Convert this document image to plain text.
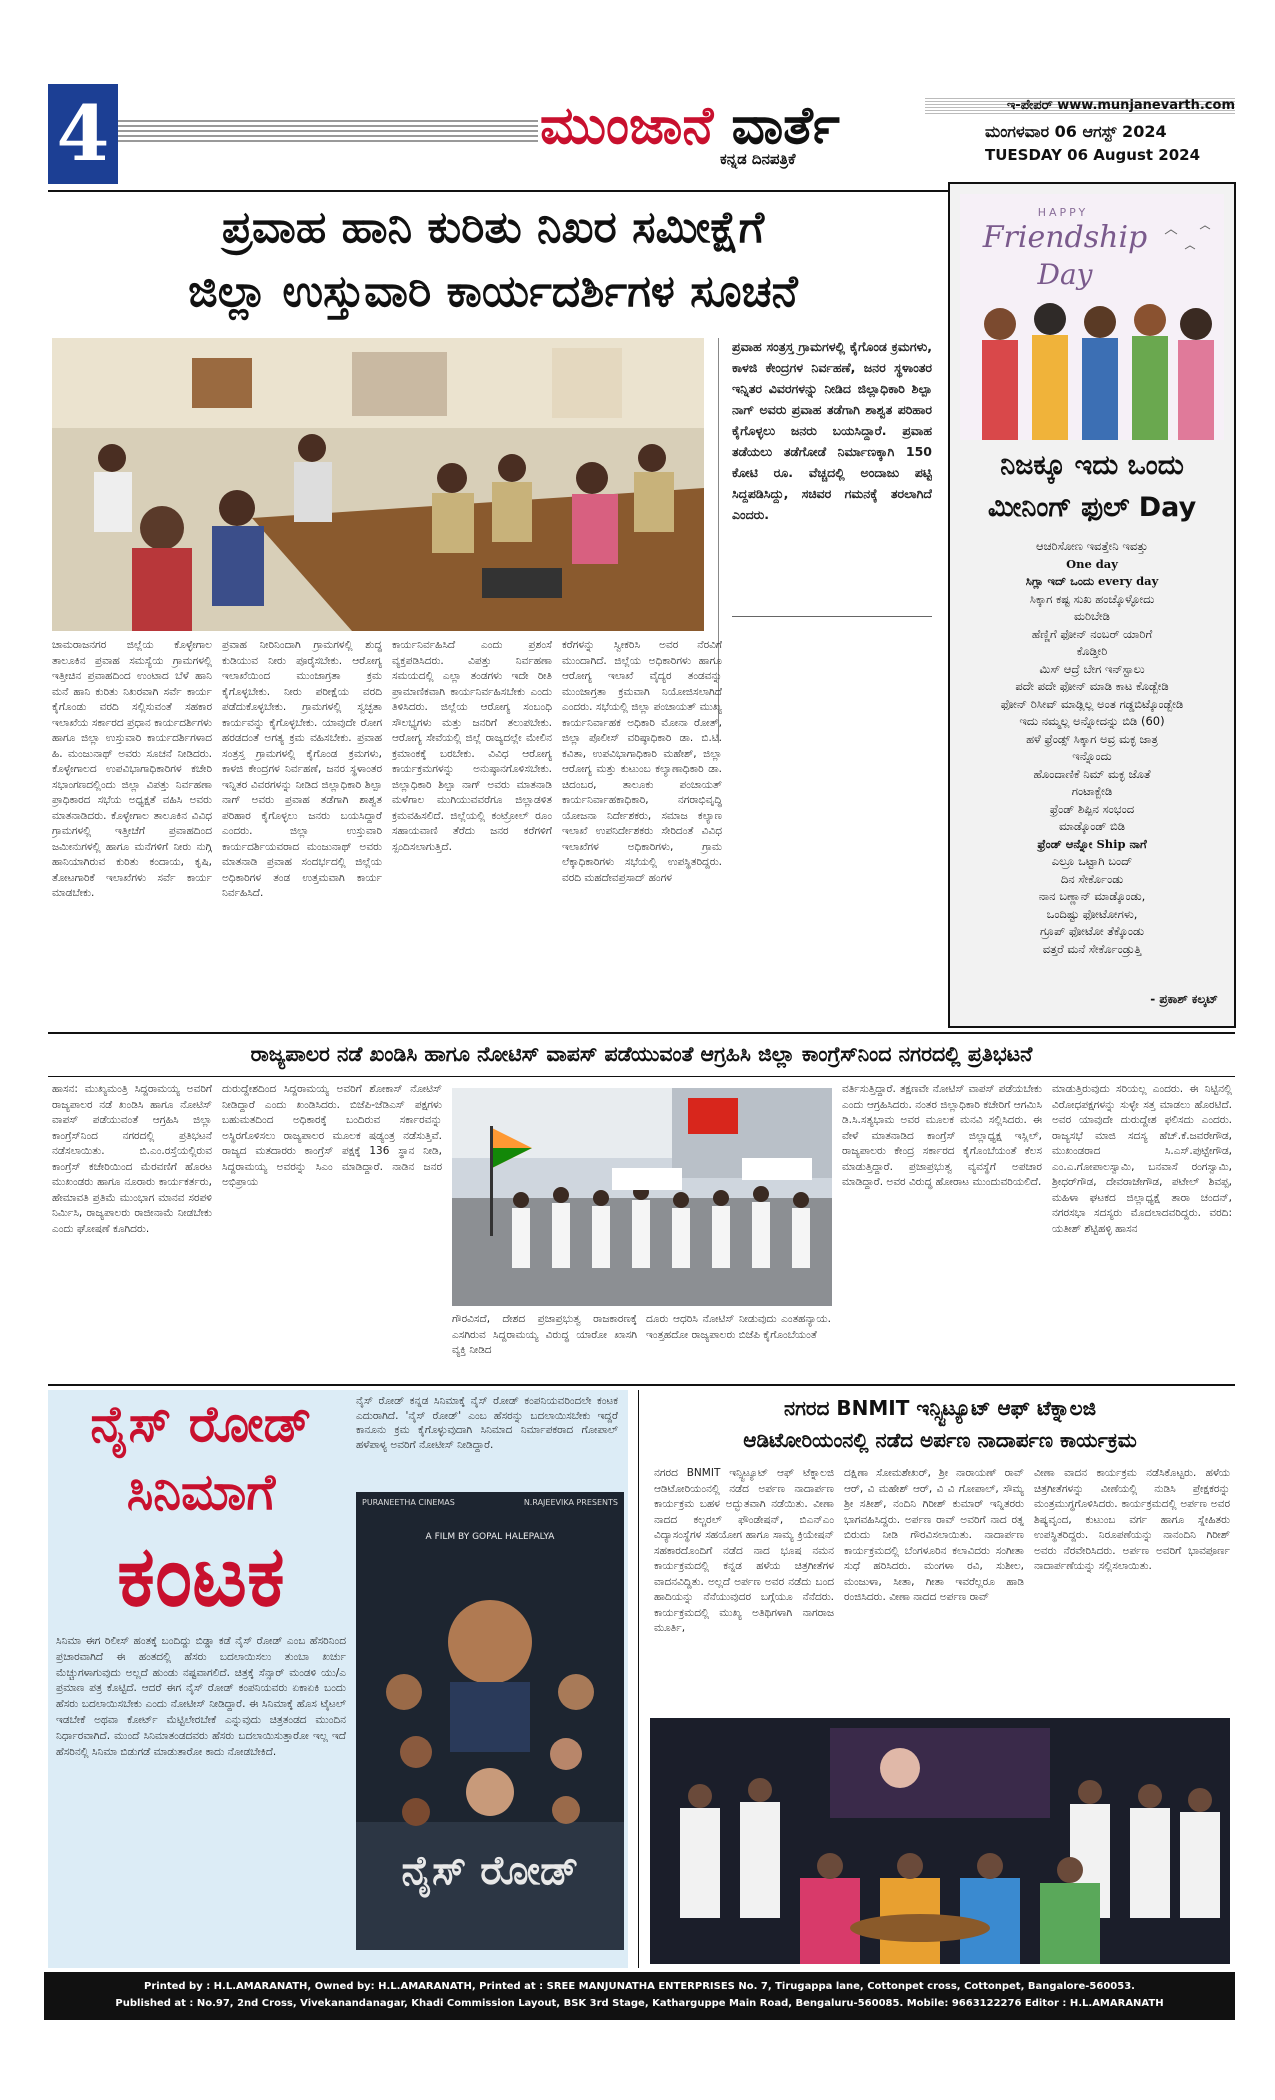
4	ಮುಂಜಾನೆ ವಾರ್ತೆ
ಕನ್ನಡ ದಿನಪತ್ರಿಕೆ
ಇ-ಪೇಪರ್ www.munjanevarth.com
ಮಂಗಳವಾರ 06 ಆಗಸ್ಟ್ 2024
TUESDAY 06 August 2024
ಪ್ರವಾಹ ಹಾನಿ ಕುರಿತು ನಿಖರ ಸಮೀಕ್ಷೆಗೆ
ಜಿಲ್ಲಾ ಉಸ್ತುವಾರಿ ಕಾರ್ಯದರ್ಶಿಗಳ ಸೂಚನೆ
ಪ್ರವಾಹ ಸಂತ್ರಸ್ತ ಗ್ರಾಮಗಳಲ್ಲಿ ಕೈಗೊಂಡ ಕ್ರಮಗಳು, ಕಾಳಜಿ ಕೇಂದ್ರಗಳ ನಿರ್ವಹಣೆ, ಜನರ ಸ್ಥಳಾಂತರ ಇನ್ನಿತರ ವಿವರಗಳನ್ನು ನೀಡಿದ ಜಿಲ್ಲಾಧಿಕಾರಿ ಶಿಲ್ಪಾ ನಾಗ್ ಅವರು ಪ್ರವಾಹ ತಡೆಗಾಗಿ ಶಾಶ್ವತ ಪರಿಹಾರ ಕೈಗೊಳ್ಳಲು ಜನರು ಬಯಸಿದ್ದಾರೆ. ಪ್ರವಾಹ ತಡೆಯಲು ತಡೆಗೋಡೆ ನಿರ್ಮಾಣಕ್ಕಾಗಿ 150 ಕೋಟಿ ರೂ. ವೆಚ್ಚದಲ್ಲಿ ಅಂದಾಜು ಪಟ್ಟಿ ಸಿದ್ದಪಡಿಸಿದ್ದು, ಸಚಿವರ ಗಮನಕ್ಕೆ ತರಲಾಗಿದೆ ಎಂದರು.
ಚಾಮರಾಜನಗರ ಜಿಲ್ಲೆಯ ಕೊಳ್ಳೇಗಾಲ ತಾಲೂಕಿನ ಪ್ರವಾಹ ಸಮಸ್ಯೆಯ ಗ್ರಾಮಗಳಲ್ಲಿ ಇತ್ತೀಚಿನ ಪ್ರವಾಹದಿಂದ ಉಂಟಾದ ಬೆಳೆ ಹಾನಿ ಮನೆ ಹಾನಿ ಕುರಿತು ನಿಖರವಾಗಿ ಸರ್ವೆ ಕಾರ್ಯ ಕೈಗೊಂಡು ವರದಿ ಸಲ್ಲಿಸುವಂತೆ ಸಹಕಾರ ಇಲಾಖೆಯ ಸರ್ಕಾರದ ಪ್ರಧಾನ ಕಾರ್ಯದರ್ಶಿಗಳು ಹಾಗೂ ಜಿಲ್ಲಾ ಉಸ್ತುವಾರಿ ಕಾರ್ಯದರ್ಶಿಗಳಾದ ಹಿ. ಮಂಜುನಾಥ್ ಅವರು ಸೂಚನೆ ನೀಡಿದರು. ಕೊಳ್ಳೇಗಾಲದ ಉಪವಿಭಾಗಾಧಿಕಾರಿಗಳ ಕಚೇರಿ ಸಭಾಂಗಣದಲ್ಲಿಂದು ಜಿಲ್ಲಾ ವಿಪತ್ತು ನಿರ್ವಹಣಾ ಪ್ರಾಧಿಕಾರದ ಸಭೆಯ ಅಧ್ಯಕ್ಷತೆ ವಹಿಸಿ ಅವರು ಮಾತನಾಡಿದರು. ಕೊಳ್ಳೇಗಾಲ ತಾಲೂಕಿನ ವಿವಿಧ ಗ್ರಾಮಗಳಲ್ಲಿ ಇತ್ತೀಚೆಗೆ ಪ್ರವಾಹದಿಂದ ಜಮೀನುಗಳಲ್ಲಿ ಹಾಗೂ ಮನೆಗಳಿಗೆ ನೀರು ನುಗ್ಗಿ ಹಾನಿಯಾಗಿರುವ ಕುರಿತು ಕಂದಾಯ, ಕೃಷಿ, ತೋಟಗಾರಿಕೆ ಇಲಾಖೆಗಳು ಸರ್ವೆ ಕಾರ್ಯ ಮಾಡಬೇಕು.
ಪ್ರವಾಹ ನೀರಿನಿಂದಾಗಿ ಗ್ರಾಮಗಳಲ್ಲಿ ಶುದ್ಧ ಕುಡಿಯುವ ನೀರು ಪೂರೈಸಬೇಕು. ಆರೋಗ್ಯ ಇಲಾಖೆಯಿಂದ ಮುಂಜಾಗ್ರತಾ ಕ್ರಮ ಕೈಗೊಳ್ಳಬೇಕು. ನೀರು ಪರೀಕ್ಷೆಯ ವರದಿ ಪಡೆದುಕೊಳ್ಳಬೇಕು. ಗ್ರಾಮಗಳಲ್ಲಿ ಸ್ವಚ್ಛತಾ ಕಾರ್ಯವನ್ನು ಕೈಗೊಳ್ಳಬೇಕು. ಯಾವುದೇ ರೋಗ ಹರಡದಂತೆ ಅಗತ್ಯ ಕ್ರಮ ವಹಿಸಬೇಕು. ಪ್ರವಾಹ ಸಂತ್ರಸ್ತ ಗ್ರಾಮಗಳಲ್ಲಿ ಕೈಗೊಂಡ ಕ್ರಮಗಳು, ಕಾಳಜಿ ಕೇಂದ್ರಗಳ ನಿರ್ವಹಣೆ, ಜನರ ಸ್ಥಳಾಂತರ ಇನ್ನಿತರ ವಿವರಗಳನ್ನು ನೀಡಿದ ಜಿಲ್ಲಾಧಿಕಾರಿ ಶಿಲ್ಪಾ ನಾಗ್ ಅವರು ಪ್ರವಾಹ ತಡೆಗಾಗಿ ಶಾಶ್ವತ ಪರಿಹಾರ ಕೈಗೊಳ್ಳಲು ಜನರು ಬಯಸಿದ್ದಾರೆ ಎಂದರು. ಜಿಲ್ಲಾ ಉಸ್ತುವಾರಿ ಕಾರ್ಯದರ್ಶಿಯವರಾದ ಮಂಜುನಾಥ್ ಅವರು ಮಾತನಾಡಿ ಪ್ರವಾಹ ಸಂದರ್ಭದಲ್ಲಿ ಜಿಲ್ಲೆಯ ಅಧಿಕಾರಿಗಳ ತಂಡ ಉತ್ತಮವಾಗಿ ಕಾರ್ಯ ನಿರ್ವಹಿಸಿದೆ.
ಕಾರ್ಯನಿರ್ವಹಿಸಿದೆ ಎಂದು ಪ್ರಶಂಸೆ ವ್ಯಕ್ತಪಡಿಸಿದರು. ವಿಪತ್ತು ನಿರ್ವಹಣಾ ಸಮಯದಲ್ಲಿ ಎಲ್ಲಾ ತಂಡಗಳು ಇದೇ ರೀತಿ ಪ್ರಾಮಾಣಿಕವಾಗಿ ಕಾರ್ಯನಿರ್ವಹಿಸಬೇಕು ಎಂದು ತಿಳಿಸಿದರು. ಜಿಲ್ಲೆಯ ಆರೋಗ್ಯ ಸಂಬಂಧಿ ಸೌಲಭ್ಯಗಳು ಮತ್ತು ಜನರಿಗೆ ತಲುಪಬೇಕು. ಆರೋಗ್ಯ ಸೇವೆಯಲ್ಲಿ ಜಿಲ್ಲೆ ರಾಜ್ಯದಲ್ಲೇ ಮೇಲಿನ ಕ್ರಮಾಂಕಕ್ಕೆ ಬರಬೇಕು. ವಿವಿಧ ಆರೋಗ್ಯ ಕಾರ್ಯಕ್ರಮಗಳನ್ನು ಅನುಷ್ಠಾನಗೊಳಿಸಬೇಕು. ಜಿಲ್ಲಾಧಿಕಾರಿ ಶಿಲ್ಪಾ ನಾಗ್ ಅವರು ಮಾತನಾಡಿ ಮಳೆಗಾಲ ಮುಗಿಯುವವರೆಗೂ ಜಿಲ್ಲಾಡಳಿತ ಕ್ರಮವಹಿಸಲಿದೆ. ಜಿಲ್ಲೆಯಲ್ಲಿ ಕಂಟ್ರೋಲ್ ರೂಂ ಸಹಾಯವಾಣಿ ತೆರೆದು ಜನರ ಕರೆಗಳಿಗೆ ಸ್ಪಂದಿಸಲಾಗುತ್ತಿದೆ.
ಕರೆಗಳನ್ನು ಸ್ವೀಕರಿಸಿ ಅವರ ನೆರವಿಗೆ ಮುಂದಾಗಿದೆ. ಜಿಲ್ಲೆಯ ಅಧಿಕಾರಿಗಳು ಹಾಗೂ ಆರೋಗ್ಯ ಇಲಾಖೆ ವೈದ್ಯರ ತಂಡವನ್ನು ಮುಂಜಾಗ್ರತಾ ಕ್ರಮವಾಗಿ ನಿಯೋಜಿಸಲಾಗಿದೆ ಎಂದರು. ಸಭೆಯಲ್ಲಿ ಜಿಲ್ಲಾ ಪಂಚಾಯತ್ ಮುಖ್ಯ ಕಾರ್ಯನಿರ್ವಾಹಕ ಅಧಿಕಾರಿ ಮೋನಾ ರೋತ್, ಜಿಲ್ಲಾ ಪೊಲೀಸ್ ವರಿಷ್ಠಾಧಿಕಾರಿ ಡಾ. ಬಿ.ಟಿ. ಕವಿತಾ, ಉಪವಿಭಾಗಾಧಿಕಾರಿ ಮಹೇಶ್, ಜಿಲ್ಲಾ ಆರೋಗ್ಯ ಮತ್ತು ಕುಟುಂಬ ಕಲ್ಯಾಣಾಧಿಕಾರಿ ಡಾ. ಚಿದಂಬರ, ತಾಲೂಕು ಪಂಚಾಯತ್ ಕಾರ್ಯನಿರ್ವಾಹಕಾಧಿಕಾರಿ, ನಗರಾಭಿವೃದ್ಧಿ ಯೋಜನಾ ನಿರ್ದೇಶಕರು, ಸಮಾಜ ಕಲ್ಯಾಣ ಇಲಾಖೆ ಉಪನಿರ್ದೇಶಕರು ಸೇರಿದಂತೆ ವಿವಿಧ ಇಲಾಖೆಗಳ ಅಧಿಕಾರಿಗಳು, ಗ್ರಾಮ ಲೆಕ್ಕಾಧಿಕಾರಿಗಳು ಸಭೆಯಲ್ಲಿ ಉಪಸ್ಥಿತರಿದ್ದರು. ವರದಿ ಮಹದೇವಪ್ರಸಾದ್ ಹಂಗಳ
HAPPY
Friendship
Day
ನಿಜಕ್ಕೂ ಇದು ಒಂದು
ಮೀನಿಂಗ್ ಫುಲ್ Day
ಆಚರಿಸೋಣ ಇವತ್ತೇನಿ ಇವತ್ತು
One day
ಸಿಗ್ಲಾ ಇದ್ ಒಂದು every day
ಸಿಕ್ಕಾಗ ಕಷ್ಟ ಸುಖ ಹಂಚ್ಕೊಳ್ಳೋದು
ಮರಿಬೇಡಿ
ಹೆಣ್ಣಿಗೆ ಫೋನ್ ನಂಬರ್ ಯಾರಿಗೆ
ಕೊಡ್ತೀರಿ
ಮಿಸ್ ಆದ್ರೆ ಬೇಗ ಇನ್‌ಸ್ಟಾಲು
ಪದೇ ಪದೇ ಫೋನ್ ಮಾಡಿ ಕಾಟ ಕೊಡ್ಬೇಡಿ
ಫೋನ್ ರಿಸೀವ್ ಮಾಡ್ಲಿಲ್ಲ ಅಂತ ಗಡ್ಡಬಿಟ್ಕೊಂಡ್ಬೇಡಿ
ಇದು ನಮ್ಮಲ್ಲ ಅನ್ನೋದನ್ನು ಬಿಡಿ (60)
ಹಳೆ ಫ್ರೆಂಡ್ಸ್ ಸಿಕ್ಕಾಗ ಅವ್ರ ಮಕ್ಳ ಜಾತ್ರ
ಇನ್ನೊಂದು
ಹೊಂದಾಣಿಕೆ ನಿಮ್ ಮಕ್ಳ ಜೊತೆ
ಗಂಟಾಕ್ಬೇಡಿ
ಫ್ರೆಂಡ್ ಶಿಪ್ಪಿನ ಸಂಭಂದ
ಮಾಡ್ಕೊಂಡ್ ಬಿಡಿ
ಫ್ರೆಂಡ್ ಆನ್ನೋ Ship ನಾಗೆ
ಎಲ್ರೂ ಒಟ್ಟಾಗಿ ಬಂದ್
ದಿನ ಸೇರ್ಕೊಂಡು
ನಾನ ಬಣ್ಣಾನ್ ಮಾಡ್ಕೊಂಡು,
ಒಂದಿಷ್ಟು ಫೋಟೋಗಳು,
ಗ್ರೂಪ್ ಫೋಟೋ ತೆಕ್ಕೊಂಡು
ವತ್ತರೆ ಮನೆ ಸೇರ್ಕೊಂಡ್ರುತ್ತಿ
- ಪ್ರಕಾಶ್ ಕಲ್ಕಟ್
ರಾಜ್ಯಪಾಲರ ನಡೆ ಖಂಡಿಸಿ ಹಾಗೂ ನೋಟಿಸ್ ವಾಪಸ್ ಪಡೆಯುವಂತೆ ಆಗ್ರಹಿಸಿ ಜಿಲ್ಲಾ ಕಾಂಗ್ರೆಸ್‌ನಿಂದ ನಗರದಲ್ಲಿ ಪ್ರತಿಭಟನೆ
ಹಾಸನ: ಮುಖ್ಯಮಂತ್ರಿ ಸಿದ್ದರಾಮಯ್ಯ ಅವರಿಗೆ ರಾಜ್ಯಪಾಲರ ನಡೆ ಖಂಡಿಸಿ ಹಾಗೂ ನೋಟಿಸ್ ವಾಪಸ್ ಪಡೆಯುವಂತೆ ಆಗ್ರಹಿಸಿ ಜಿಲ್ಲಾ ಕಾಂಗ್ರೆಸ್‌ನಿಂದ ನಗರದಲ್ಲಿ ಪ್ರತಿಭಟನೆ ನಡೆಸಲಾಯಿತು. ಬಿ.ಎಂ.ರಸ್ತೆಯಲ್ಲಿರುವ ಕಾಂಗ್ರೆಸ್ ಕಚೇರಿಯಿಂದ ಮೆರವಣಿಗೆ ಹೊರಟ ಮುಖಂಡರು ಹಾಗೂ ನೂರಾರು ಕಾರ್ಯಕರ್ತರು, ಹೇಮಾವತಿ ಪ್ರತಿಮೆ ಮುಂಭಾಗ ಮಾನವ ಸರಪಳಿ ನಿರ್ಮಿಸಿ, ರಾಜ್ಯಪಾಲರು ರಾಜೀನಾಮೆ ನೀಡಬೇಕು ಎಂದು ಘೋಷಣೆ ಕೂಗಿದರು.
ದುರುದ್ದೇಶದಿಂದ ಸಿದ್ದರಾಮಯ್ಯ ಅವರಿಗೆ ಶೋಕಾಸ್ ನೋಟಿಸ್ ನೀಡಿದ್ದಾರೆ ಎಂದು ಖಂಡಿಸಿದರು. ಬಿಜೆಪಿ-ಜೆಡಿಎಸ್ ಪಕ್ಷಗಳು ಬಹುಮತದಿಂದ ಅಧಿಕಾರಕ್ಕೆ ಬಂದಿರುವ ಸರ್ಕಾರವನ್ನು ಅಸ್ಥಿರಗೊಳಿಸಲು ರಾಜ್ಯಪಾಲರ ಮೂಲಕ ಷಡ್ಯಂತ್ರ ನಡೆಸುತ್ತಿವೆ. ರಾಜ್ಯದ ಮತದಾರರು ಕಾಂಗ್ರೆಸ್ ಪಕ್ಷಕ್ಕೆ 136 ಸ್ಥಾನ ನೀಡಿ, ಸಿದ್ದರಾಮಯ್ಯ ಅವರನ್ನು ಸಿಎಂ ಮಾಡಿದ್ದಾರೆ. ನಾಡಿನ ಜನರ ಅಭಿಪ್ರಾಯ
ಗೌರವಿಸದೆ, ದೇಶದ ಪ್ರಜಾಪ್ರಭುತ್ವ ರಾಜಕಾರಣಕ್ಕೆ ಎಸಗಿರುವ ಸಿದ್ದರಾಮಯ್ಯ ವಿರುದ್ಧ ಯಾರೋ ಖಾಸಗಿ ವ್ಯಕ್ತಿ ನೀಡಿದ
ದೂರು ಆಧರಿಸಿ ನೋಟಿಸ್ ನೀಡುವುದು ಎಂತಹನ್ಯಾಯ. ಇಂತ್ತಹದೋ ರಾಜ್ಯಪಾಲರು ಬಿಜೆಪಿ ಕೈಗೊಂಬೆಯಂತೆ
ವರ್ತಿಸುತ್ತಿದ್ದಾರೆ. ತಕ್ಷಣವೇ ನೋಟಿಸ್ ವಾಪಸ್ ಪಡೆಯಬೇಕು ಎಂದು ಆಗ್ರಹಿಸಿದರು. ನಂತರ ಜಿಲ್ಲಾಧಿಕಾರಿ ಕಚೇರಿಗೆ ಆಗಮಿಸಿ ಡಿ.ಸಿ.ಸತ್ಯಭಾಮ ಅವರ ಮೂಲಕ ಮನವಿ ಸಲ್ಲಿಸಿದರು. ಈ ವೇಳೆ ಮಾತನಾಡಿದ ಕಾಂಗ್ರೆಸ್ ಜಿಲ್ಲಾಧ್ಯಕ್ಷ ಇಸ್ಲಿಲ್, ರಾಜ್ಯಪಾಲರು ಕೇಂದ್ರ ಸರ್ಕಾರದ ಕೈಗೊಂಬೆಯಂತೆ ಕೆಲಸ ಮಾಡುತ್ತಿದ್ದಾರೆ. ಪ್ರಜಾಪ್ರಭುತ್ವ ವ್ಯವಸ್ಥೆಗೆ ಅಪಚಾರ ಮಾಡಿದ್ದಾರೆ. ಅವರ ವಿರುದ್ಧ ಹೋರಾಟ ಮುಂದುವರಿಯಲಿದೆ.
ಮಾಡುತ್ತಿರುವುದು ಸರಿಯಲ್ಲ ಎಂದರು. ಈ ನಿಟ್ಟಿನಲ್ಲಿ ವಿರೋಧಪಕ್ಷಗಳನ್ನು ಸುಳ್ಳೇ ಸತ್ತ ಮಾಡಲು ಹೊರಟಿದೆ. ಅವರ ಯಾವುದೇ ದುರುದ್ದೇಶ ಫಲಿಸದು ಎಂದರು. ರಾಜ್ಯಸಭೆ ಮಾಜಿ ಸದಸ್ಯ ಹೆಚ್.ಕೆ.ಜವರೇಗೌಡ, ಮುಖಂಡರಾದ ಸಿ.ಎಸ್.ಪುಟ್ಟೇಗೌಡ, ಎಂ.ಎ.ಗೋಪಾಲಸ್ವಾಮಿ, ಬನವಾಸೆ ರಂಗಸ್ವಾಮಿ, ಶ್ರೀಧರ್‌ಗೌಡ, ದೇವರಾಜೇಗೌಡ, ಪಟೇಲ್ ಶಿವಪ್ಪ, ಮಹಿಳಾ ಘಟಕದ ಜಿಲ್ಲಾಧ್ಯಕ್ಷೆ ತಾರಾ ಚಂದನ್, ನಗರಸಭಾ ಸದಸ್ಯರು ಮೊದಲಾದವರಿದ್ದರು. ವರದಿ: ಯತೀಶ್ ಶೆಟ್ಟಿಹಳ್ಳಿ ಹಾಸನ
ನೈಸ್ ರೋಡ್
ಸಿನಿಮಾಗೆ
ಕಂಟಕ
ನೈಸ್ ರೋಡ್ ಕನ್ನಡ ಸಿನಿಮಾಕ್ಕೆ ನೈಸ್ ರೋಡ್ ಕಂಪನಿಯವರಿಂದಲೇ ಕಂಟಕ ಎದುರಾಗಿದೆ. 'ನೈಸ್ ರೋಡ್' ಎಂಬ ಹೆಸರನ್ನು ಬದಲಾಯಿಸಬೇಕು ಇದ್ದರೆ ಕಾನೂನು ಕ್ರಮ ಕೈಗೊಳ್ಳುವುದಾಗಿ ಸಿನಿಮಾದ ನಿರ್ಮಾಪಕರಾದ ಗೋಪಾಲ್ ಹಳೆಪಾಳ್ಯ ಅವರಿಗೆ ನೋಟೀಸ್ ನೀಡಿದ್ದಾರೆ.
PURANEETHA CINEMAS	N.RAJEEVIKA PRESENTS
A FILM BY GOPAL HALEPALYA
ನೈಸ್ ರೋಡ್
ಸಿನಿಮಾ ಈಗ ರಿಲೀಸ್ ಹಂತಕ್ಕೆ ಬಂದಿದ್ದು ಬಿಡ್ಡಾ ಕಡೆ ನೈಸ್ ರೋಡ್ ಎಂಬ ಹೆಸರಿನಿಂದ ಪ್ರಚಾರವಾಗಿದೆ ಈ ಹಂತದಲ್ಲಿ ಹೆಸರು ಬದಲಾಯಿಸಲು ತುಂಬಾ ಖರ್ಚು ಮೆಚ್ಚುಗಳಾಗುವುದು ಅಲ್ಲದೆ ಹುಂಡು ನಷ್ಟವಾಗಲಿದೆ. ಚಿತ್ರಕ್ಕೆ ಸೆನ್ಸಾರ್ ಮಂಡಳಿ ಯು/ಎ ಪ್ರಮಾಣ ಪತ್ರ ಕೊಟ್ಟಿದೆ. ಆದರೆ ಈಗ ನೈಸ್ ರೋಡ್ ಕಂಪನಿಯವರು ಏಕಾಏಕಿ ಬಂದು ಹೆಸರು ಬದಲಾಯಿಸಬೇಕು ಎಂದು ನೋಟೀಸ್ ನೀಡಿದ್ದಾರೆ. ಈ ಸಿನಿಮಾಕ್ಕೆ ಹೊಸ ಟೈಟಲ್ ಇಡಬೇಕೆ ಅಥವಾ ಕೋರ್ಟ್ ಮೆಟ್ಟಿಲೇರಬೇಕೆ ಎನ್ನುವುದು ಚಿತ್ರತಂಡದ ಮುಂದಿನ ನಿರ್ಧಾರವಾಗಿದೆ. ಮುಂದೆ ಸಿನಿಮಾತಂಡದವರು ಹೆಸರು ಬದಲಾಯಿಸುತ್ತಾರೋ ಇಲ್ಲ ಇದೆ ಹೆಸರಿನಲ್ಲಿ ಸಿನಿಮಾ ಬಿಡುಗಡೆ ಮಾಡುತಾರೋ ಕಾದು ನೋಡಬೇಕಿದೆ.
ನಗರದ BNMIT ಇನ್ಸ್ಟಿಟ್ಯೂಟ್ ಆಫ್ ಟೆಕ್ನಾಲಜಿ
ಆಡಿಟೋರಿಯಂನಲ್ಲಿ ನಡೆದ ಅರ್ಪಣ ನಾದಾರ್ಪಣ ಕಾರ್ಯಕ್ರಮ
ನಗರದ BNMIT ಇನ್ಸ್ಟಿಟ್ಯೂಟ್ ಆಫ್ ಟೆಕ್ನಾಲಜಿ ಆಡಿಟೋರಿಯಂನಲ್ಲಿ ನಡೆದ ಅರ್ಪಣ ನಾದಾರ್ಪಣ ಕಾರ್ಯಕ್ರಮ ಬಹಳ ಅದ್ಭುತವಾಗಿ ನಡೆಯಿತು. ವೀಣಾ ನಾದದ ಕಲ್ಚರಲ್ ಫೌಂಡೇಷನ್, ಬಿಎನ್ಎಂ ವಿದ್ಯಾಸಂಸ್ಥೆಗಳ ಸಹಯೋಗ ಹಾಗೂ ಸಾಮ್ಯ ಕ್ರಿಯೇಷನ್ ಸಹಕಾರದೊಂದಿಗೆ ನಡೆದ ನಾದ ಭೂಷ ನಮನ ಕಾರ್ಯಕ್ರಮದಲ್ಲಿ ಕನ್ನಡ ಹಳೆಯ ಚಿತ್ರಗೀತೆಗಳ ವಾದನವಿದ್ದಿತು. ಅಲ್ಲದೆ ಅರ್ಪಣ ಅವರ ನಡೆದು ಬಂದ ಹಾದಿಯನ್ನು ನೆನೆಯುವುದರ ಬಗ್ಗೆಯೂ ನೆನೆದರು. ಕಾರ್ಯಕ್ರಮದಲ್ಲಿ ಮುಖ್ಯ ಅತಿಥಿಗಳಾಗಿ ನಾಗರಾಜ ಮೂರ್ತಿ,
ದಕ್ಷಿಣಾ ಸೋಮಶೇಖರ್, ಶ್ರೀ ನಾರಾಯಣ್ ರಾವ್ ಆರ್, ವಿ ಮಹೇಶ್ ಆರ್, ವಿ ವಿ ಗೋಪಾಲ್, ಸೌಮ್ಯ ಶ್ರೀ ಸತೀಶ್, ನಂದಿನಿ ಗಿರೀಶ್ ಕುಮಾರ್ ಇನ್ನಿತರರು ಭಾಗವಹಿಸಿದ್ದರು. ಅರ್ಪಣ ರಾವ್ ಅವರಿಗೆ ನಾದ ರತ್ನ ಬಿರುದು ನೀಡಿ ಗೌರವಿಸಲಾಯಿತು. ನಾದಾರ್ಪಣ ಕಾರ್ಯಕ್ರಮದಲ್ಲಿ ಬೆಂಗಳೂರಿನ ಕಲಾವಿದರು ಸಂಗೀತಾ ಸುಧೆ ಹರಿಸಿದರು. ಮಂಗಳಾ ರವಿ, ಸುಶೀಲ, ಮಂಜುಳಾ, ಸೀತಾ, ಗೀತಾ ಇವರೆಲ್ಲರೂ ಹಾಡಿ ರಂಜಿಸಿದರು. ವೀಣಾ ನಾದದ ಅರ್ಪಣ ರಾವ್
ವೀಣಾ ವಾದನ ಕಾರ್ಯಕ್ರಮ ನಡೆಸಿಕೊಟ್ಟರು. ಹಳೆಯ ಚಿತ್ರಗೀತೆಗಳನ್ನು ವೀಣೆಯಲ್ಲಿ ನುಡಿಸಿ ಪ್ರೇಕ್ಷಕರನ್ನು ಮಂತ್ರಮುಗ್ಧಗೊಳಿಸಿದರು. ಕಾರ್ಯಕ್ರಮದಲ್ಲಿ ಅರ್ಪಣ ಅವರ ಶಿಷ್ಯವೃಂದ, ಕುಟುಂಬ ವರ್ಗ ಹಾಗೂ ಸ್ನೇಹಿತರು ಉಪಸ್ಥಿತರಿದ್ದರು. ನಿರೂಪಣೆಯನ್ನು ನಾನಂದಿನಿ ಗಿರೀಶ್ ಅವರು ನೆರವೇರಿಸಿದರು. ಅರ್ಪಣ ಅವರಿಗೆ ಭಾವಪೂರ್ಣ ನಾದಾರ್ಪಣೆಯನ್ನು ಸಲ್ಲಿಸಲಾಯಿತು.
Printed by : H.L.AMARANATH, Owned by: H.L.AMARANATH, Printed at : SREE MANJUNATHA ENTERPRISES No. 7, Tirugappa lane, Cottonpet cross, Cottonpet, Bangalore-560053.
Published at : No.97, 2nd Cross, Vivekanandanagar, Khadi Commission Layout, BSK 3rd Stage, Katharguppe Main Road, Bengaluru-560085. Mobile: 9663122276 Editor : H.L.AMARANATH
